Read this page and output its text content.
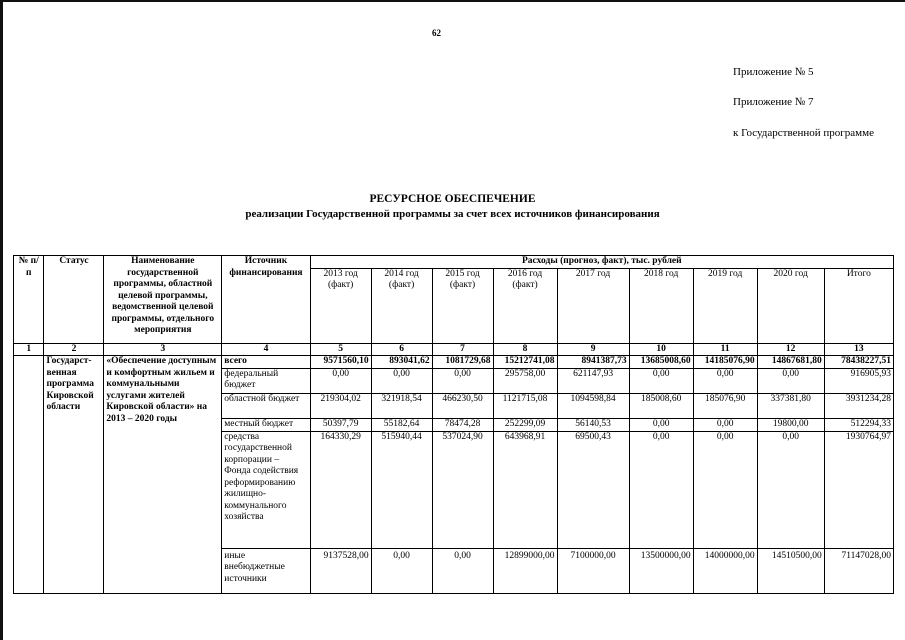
62
Приложение № 5
Приложение № 7
к Государственной программе
РЕСУРСНОЕ ОБЕСПЕЧЕНИЕ
реализации Государственной программы за счет всех источников финансирования
№ п/п	Статус	Наименование государственной программы, областной целевой программы, ведомственной целевой программы, отдельного мероприятия	Источник финансирования	Расходы (прогноз, факт), тыс. рублей								
				2013 год (факт)	2014 год (факт)	2015 год (факт)	2016 год (факт)	2017 год	2018 год	2019 год	2020 год	Итого
1	2	3	4	5	6	7	8	9	10	11	12	13
	Государст-венная программа Кировской области	«Обеспечение доступным и комфортным жильем и коммунальными услугами жителей Кировской области» на 2013 – 2020 годы	всего	9571560,10	893041,62	1081729,68	15212741,08	8941387,73	13685008,60	14185076,90	14867681,80	78438227,51
			федеральный бюджет	0,00	0,00	0,00	295758,00	621147,93	0,00	0,00	0,00	916905,93
			областной бюджет	219304,02	321918,54	466230,50	1121715,08	1094598,84	185008,60	185076,90	337381,80	3931234,28
			местный бюджет	50397,79	55182,64	78474,28	252299,09	56140,53	0,00	0,00	19800,00	512294,33
			средства государственной корпорации – Фонда содействия реформированию жилищно-коммунального хозяйства	164330,29	515940,44	537024,90	643968,91	69500,43	0,00	0,00	0,00	1930764,97
			иные внебюджетные источники	9137528,00	0,00	0,00	12899000,00	7100000,00	13500000,00	14000000,00	14510500,00	71147028,00
